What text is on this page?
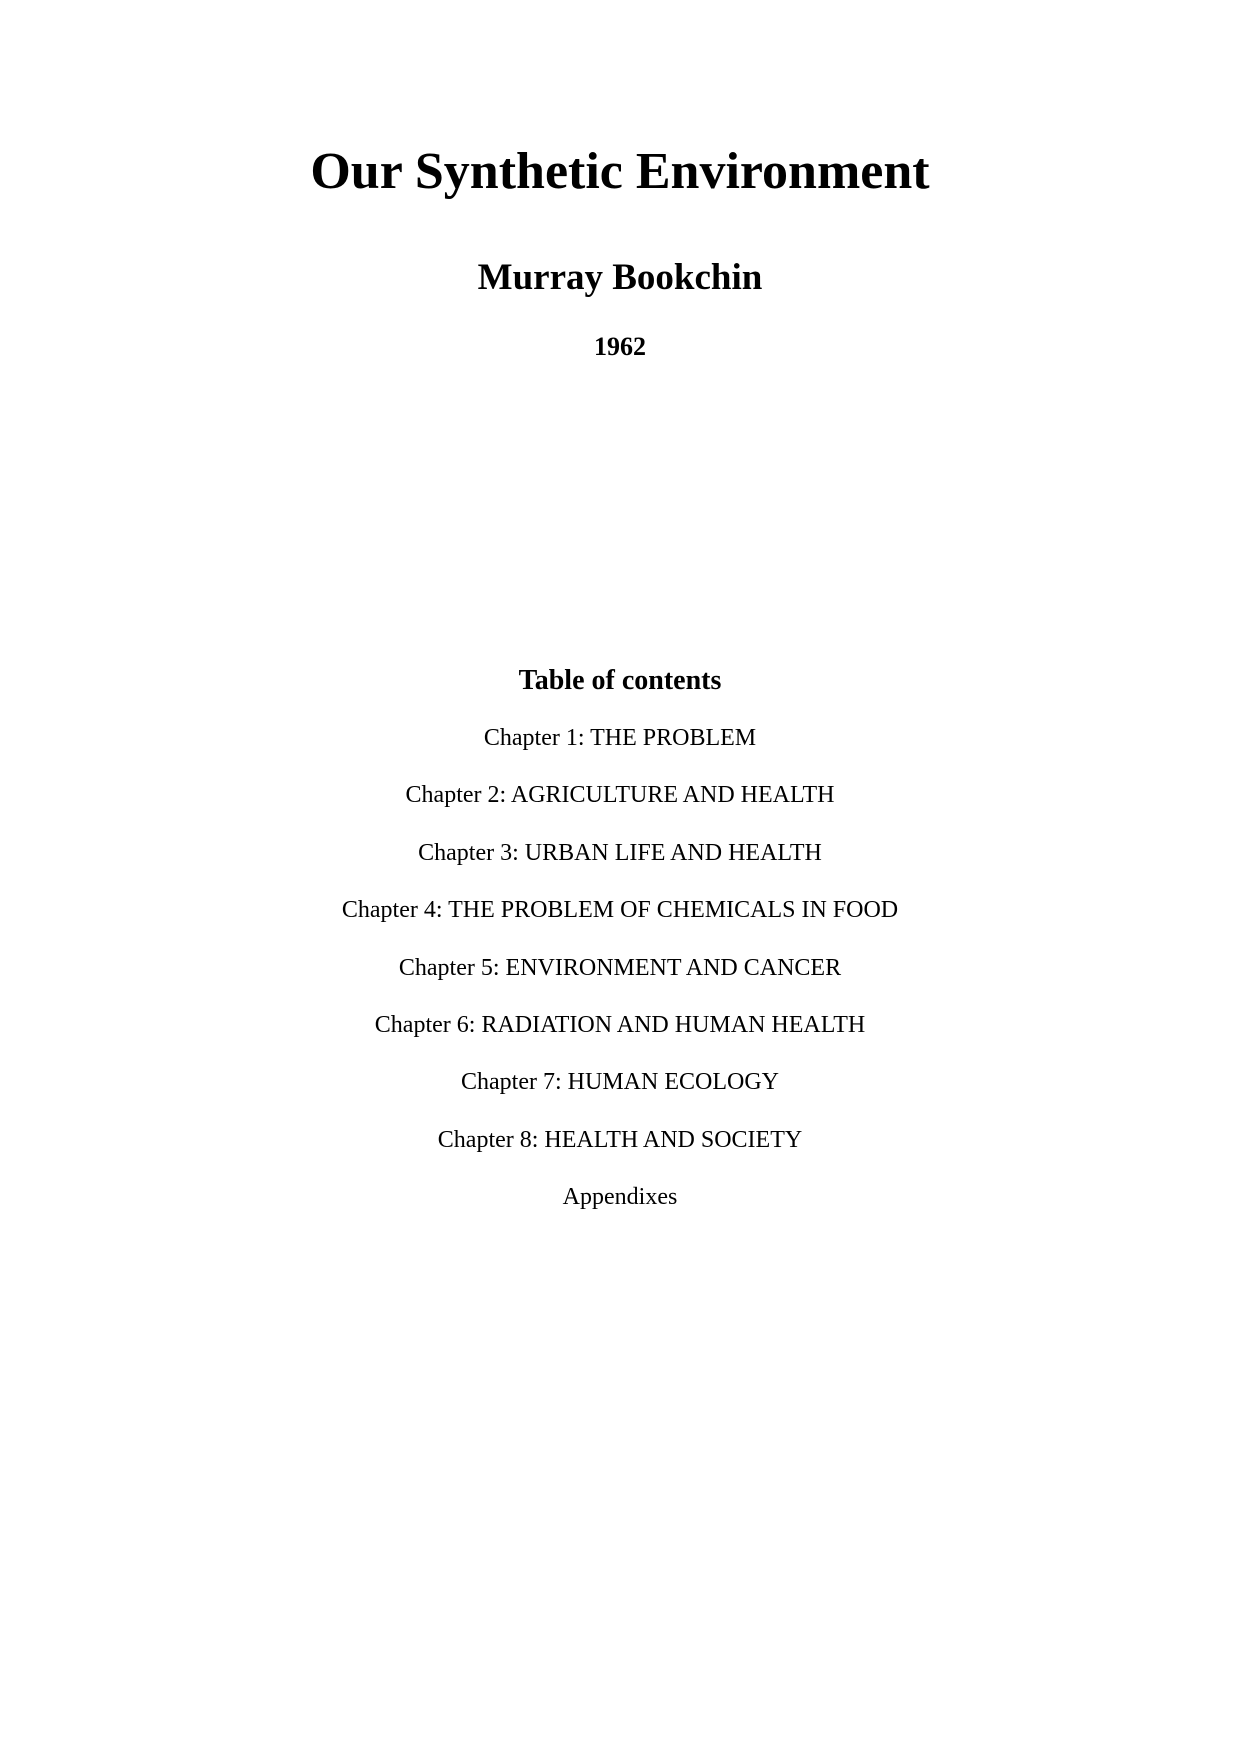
Our Synthetic Environment
Murray Bookchin
1962
Table of contents
Chapter 1: THE PROBLEM
Chapter 2: AGRICULTURE AND HEALTH
Chapter 3: URBAN LIFE AND HEALTH
Chapter 4: THE PROBLEM OF CHEMICALS IN FOOD
Chapter 5: ENVIRONMENT AND CANCER
Chapter 6: RADIATION AND HUMAN HEALTH
Chapter 7: HUMAN ECOLOGY
Chapter 8: HEALTH AND SOCIETY
Appendixes
